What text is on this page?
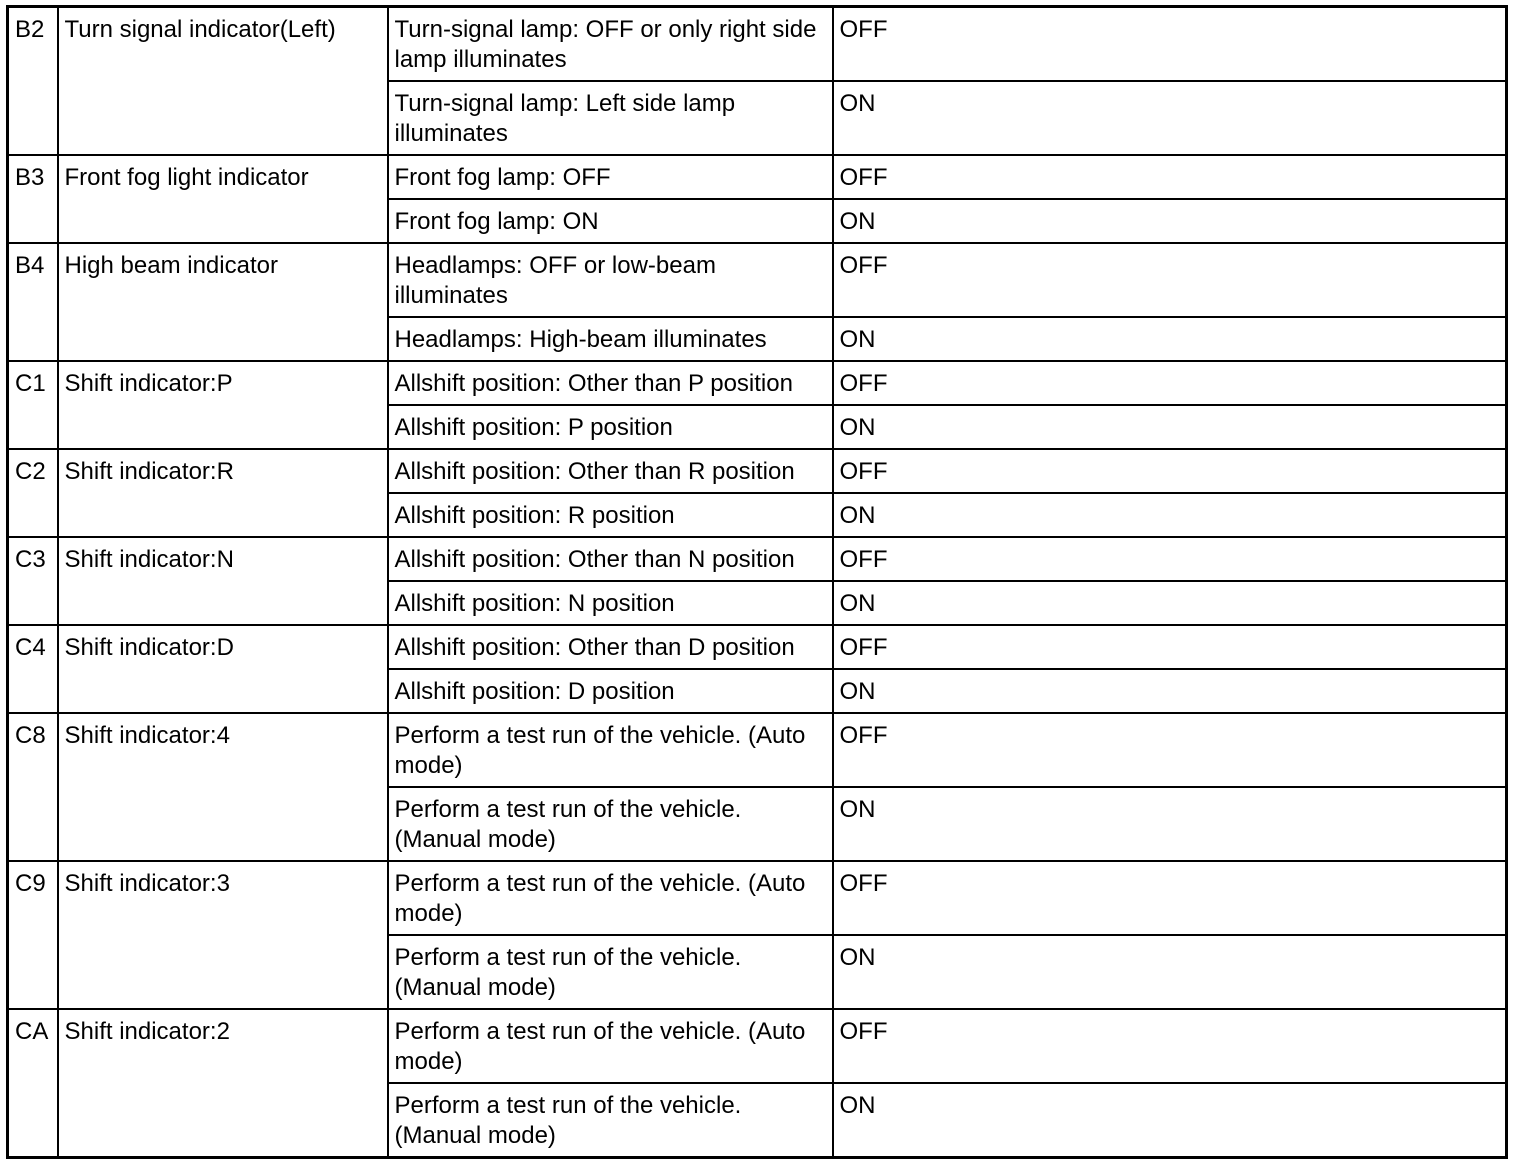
B2	Turn signal indicator(Left)	Turn-signal lamp: OFF or only right side lamp illuminates	OFF
		Turn-signal lamp: Left side lamp illuminates	ON
B3	Front fog light indicator	Front fog lamp: OFF	OFF
		Front fog lamp: ON	ON
B4	High beam indicator	Headlamps: OFF or low-beam illuminates	OFF
		Headlamps: High-beam illuminates	ON
C1	Shift indicator:P	Allshift position: Other than P position	OFF
		Allshift position: P position	ON
C2	Shift indicator:R	Allshift position: Other than R position	OFF
		Allshift position: R position	ON
C3	Shift indicator:N	Allshift position: Other than N position	OFF
		Allshift position: N position	ON
C4	Shift indicator:D	Allshift position: Other than D position	OFF
		Allshift position: D position	ON
C8	Shift indicator:4	Perform a test run of the vehicle. (Auto mode)	OFF
		Perform a test run of the vehicle. (Manual mode)	ON
C9	Shift indicator:3	Perform a test run of the vehicle. (Auto mode)	OFF
		Perform a test run of the vehicle. (Manual mode)	ON
CA	Shift indicator:2	Perform a test run of the vehicle. (Auto mode)	OFF
		Perform a test run of the vehicle. (Manual mode)	ON
